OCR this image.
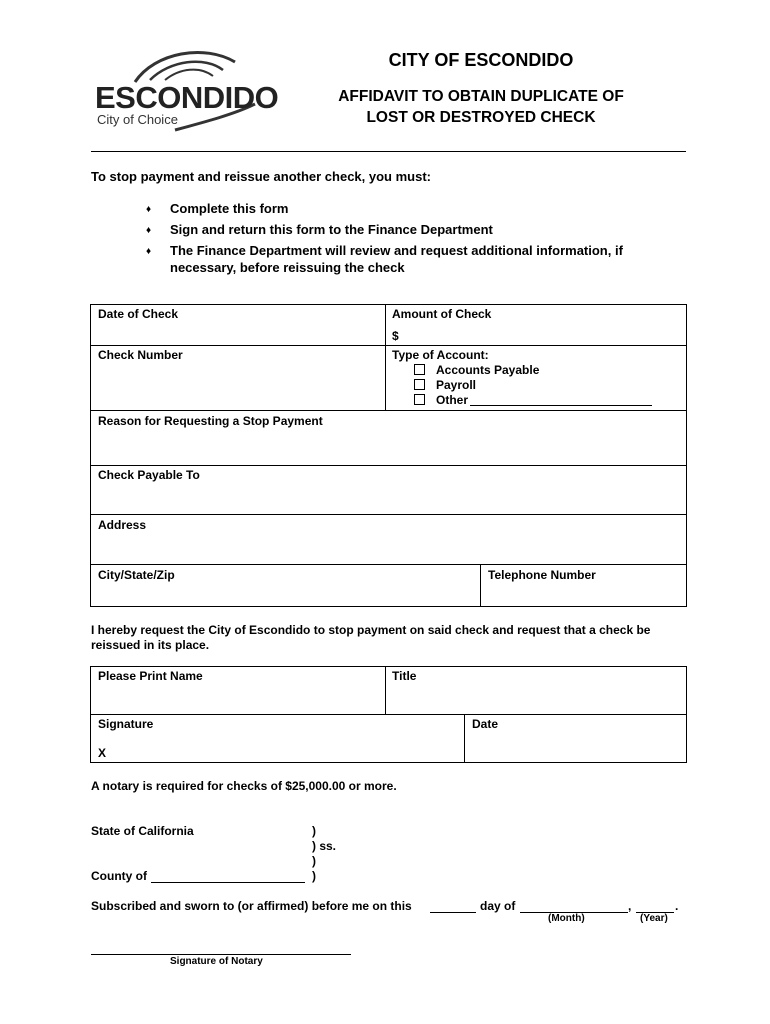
ESCONDIDO
City of Choice
CITY OF ESCONDIDO
AFFIDAVIT TO OBTAIN DUPLICATE OF
LOST OR DESTROYED CHECK
To stop payment and reissue another check, you must:
♦ Complete this form
♦ Sign and return this form to the Finance Department
♦ The Finance Department will review and request additional information, if
necessary, before reissuing the check
Date of Check	Amount of Check
$
Check Number	Type of Account:
Accounts Payable
Payroll
Other
Reason for Requesting a Stop Payment
Check Payable To
Address
City/State/Zip	Telephone Number
I hereby request the City of Escondido to stop payment on said check and request that a check be
reissued in its place.
Please Print Name	Title
Signature
X
Date
A notary is required for checks of $25,000.00 or more.
State of California	)
) ss.
)
)
County of
Subscribed and sworn to (or affirmed) before me on this	day of	,	.
(Month)	(Year)
Signature of Notary
